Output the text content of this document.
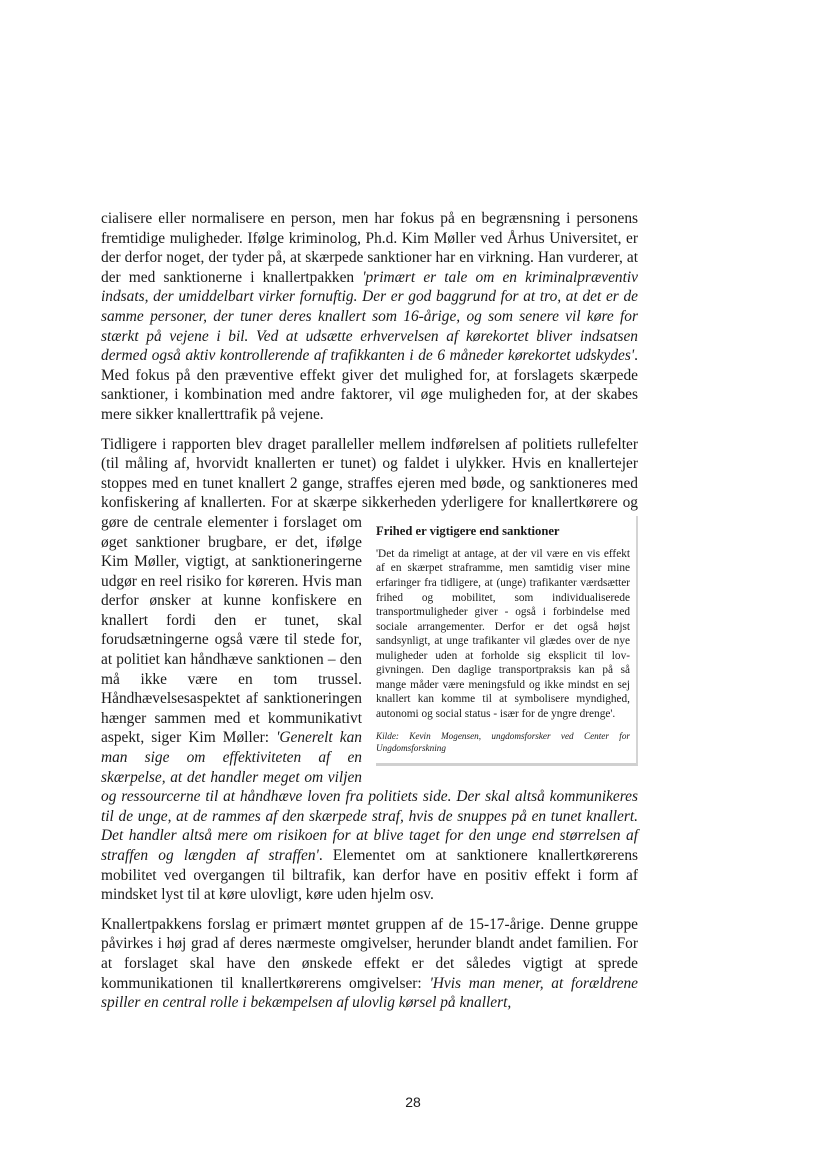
cialisere eller normalisere en person, men har fokus på en begrænsning i personens fremtidige muligheder. Ifølge kriminolog, Ph.d. Kim Møller ved Århus Universitet, er der derfor noget, der tyder på, at skærpede sanktioner har en virkning. Han vurderer, at der med sanktionerne i knallertpakken 'primært er tale om en kriminalpræventiv indsats, der umiddelbart virker fornuftig. Der er god baggrund for at tro, at det er de samme personer, der tuner deres knallert som 16-årige, og som senere vil køre for stærkt på vejene i bil. Ved at udsætte erhvervelsen af kørekortet bliver indsatsen dermed også aktiv kontrollerende af trafikkanten i de 6 måneder kørekortet udskydes'. Med fokus på den præventive effekt giver det mulighed for, at forslagets skærpede sanktioner, i kombination med andre faktorer, vil øge muligheden for, at der skabes mere sikker knallerttrafik på vejene.

Tidligere i rapporten blev draget paralleller mellem indførelsen af politiets rullefelter (til måling af, hvorvidt knallerten er tunet) og faldet i ulykker. Hvis en knallertejer stoppes med en tunet knallert 2 gange, straffes ejeren med bøde, og sanktioneres med konfiskering af knallerten. For at skærpe sikkerheden yderligere for
Frihed er vigtigere end sanktioner

'Det da rimeligt at antage, at der vil være en vis effekt af en skærpet straframme, men samtidig viser mine erfaringer fra tidligere, at (unge) trafikanter værdsætter frihed og mobilitet, som individualiserede transportmuligheder giver - også i forbindelse med sociale arrangementer. Derfor er det også højst sandsynligt, at unge trafikanter vil glædes over de nye muligheder uden at forholde sig eksplicit til lovgivningen. Den daglige transportpraksis kan på så mange måder være meningsfuld og ikke mindst en sej knallert kan komme til at symbolisere myndighed, autonomi og social status - især for de yngre drenge'.

Kilde: Kevin Mogensen, ungdomsforsker ved Center for Ungdomsforskning

knallertkørere og gøre de centrale elementer i forslaget om øget sanktioner brugbare, er det, ifølge Kim Møller, vigtigt, at sanktioneringerne udgør en reel risiko for køreren. Hvis man derfor ønsker at kunne konfiskere en knallert fordi den er tunet, skal forudsætningerne også være til stede for, at politiet kan håndhæve sanktionen – den må ikke være en tom trussel. Håndhævelsesaspektet af sanktioneringen hænger sammen med et kommunikativt aspekt, siger Kim Møller: 'Generelt kan man sige om effektiviteten af en skærpelse, at det handler meget om viljen og ressourcerne til at håndhæve loven fra politiets side. Der skal altså kommunikeres til de unge, at de rammes af den skærpede straf, hvis de snuppes på en tunet knallert. Det handler altså mere om risikoen for at blive taget for den unge end størrelsen af straffen og længden af straffen'. Elementet om at sanktionere knallertkørerens mobilitet ved overgangen til biltrafik, kan derfor have en positiv effekt i form af mindsket lyst til at køre ulovligt, køre uden hjelm osv.

Knallertpakkens forslag er primært møntet gruppen af de 15-17-årige. Denne gruppe påvirkes i høj grad af deres nærmeste omgivelser, herunder blandt andet familien. For at forslaget skal have den ønskede effekt er det således vigtigt at sprede kommunikationen til knallertkørerens omgivelser: 'Hvis man mener, at forældrene spiller en central rolle i bekæmpelsen af ulovlig kørsel på knallert,

28
